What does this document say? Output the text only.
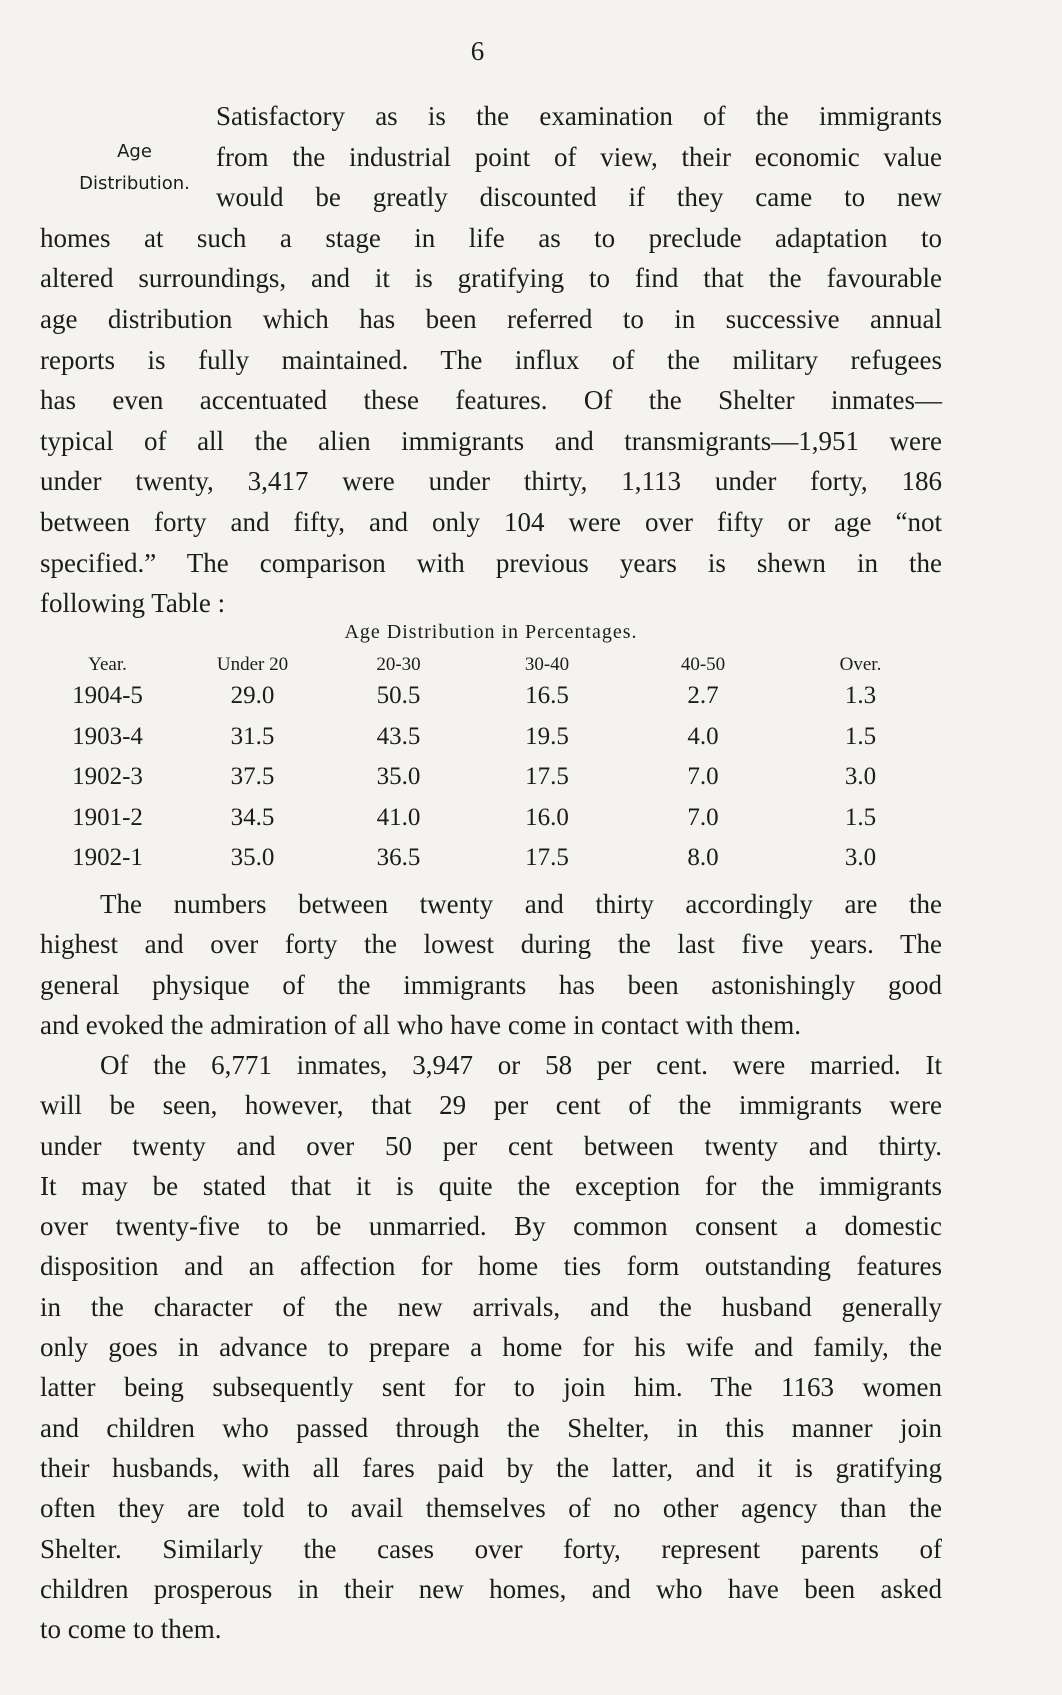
6
Age
Distribution.
Satisfactory as is the examination of the immigrants
from the industrial point of view, their economic value
would be greatly discounted if they came to new
homes at such a stage in life as to preclude adaptation to
altered surroundings, and it is gratifying to find that the favourable
age distribution which has been referred to in successive annual
reports is fully maintained. The influx of the military refugees
has even accentuated these features. Of the Shelter inmates—
typical of all the alien immigrants and transmigrants—1,951 were
under twenty, 3,417 were under thirty, 1,113 under forty, 186
between forty and fifty, and only 104 were over fifty or age “not
specified.” The comparison with previous years is shewn in the
following Table :
Age Distribution in Percentages.
Year.	Under 20	20-30	30-40	40-50	Over.
1904-5	29.0	50.5	16.5	2.7	1.3
1903-4	31.5	43.5	19.5	4.0	1.5
1902-3	37.5	35.0	17.5	7.0	3.0
1901-2	34.5	41.0	16.0	7.0	1.5
1902-1	35.0	36.5	17.5	8.0	3.0
The numbers between twenty and thirty accordingly are the
highest and over forty the lowest during the last five years. The
general physique of the immigrants has been astonishingly good
and evoked the admiration of all who have come in contact with them.
Of the 6,771 inmates, 3,947 or 58 per cent. were married. It
will be seen, however, that 29 per cent of the immigrants were
under twenty and over 50 per cent between twenty and thirty.
It may be stated that it is quite the exception for the immigrants
over twenty-five to be unmarried. By common consent a domestic
disposition and an affection for home ties form outstanding features
in the character of the new arrivals, and the husband generally
only goes in advance to prepare a home for his wife and family, the
latter being subsequently sent for to join him. The 1163 women
and children who passed through the Shelter, in this manner join
their husbands, with all fares paid by the latter, and it is gratifying
often they are told to avail themselves of no other agency than the
Shelter. Similarly the cases over forty, represent parents of
children prosperous in their new homes, and who have been asked
to come to them.
